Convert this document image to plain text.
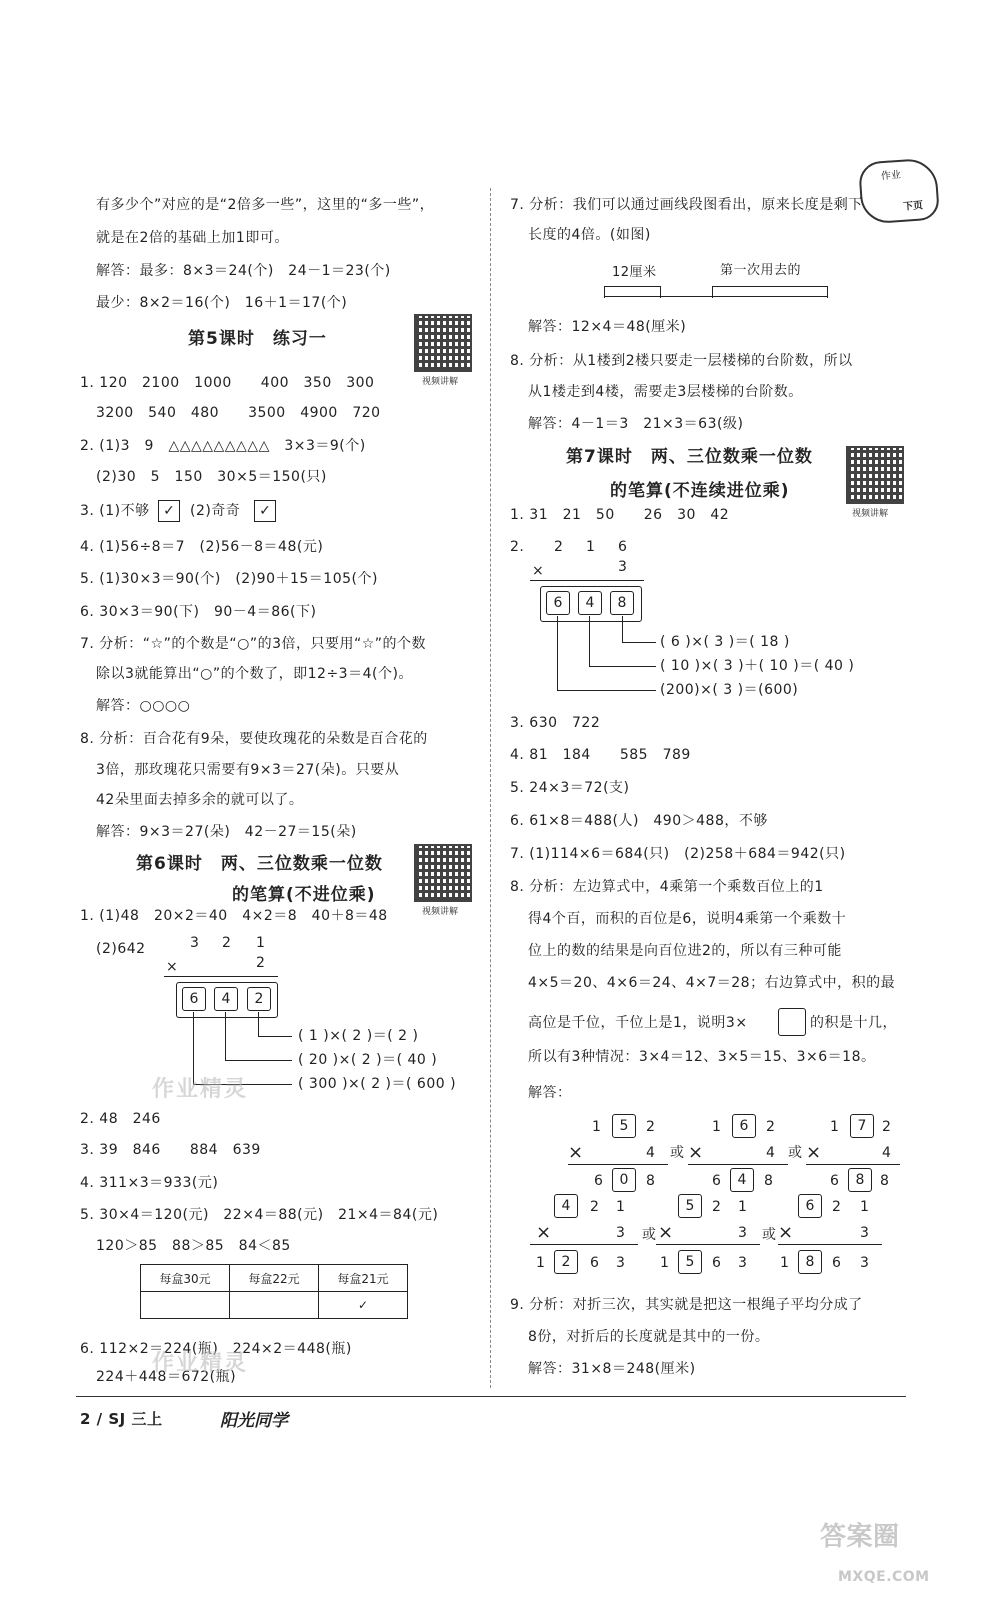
作业
下页
有多少个”对应的是“2倍多一些”，这里的“多一些”，
就是在2倍的基础上加1即可。
解答：最多：8×3＝24(个)　24－1＝23(个)
最少：8×2＝16(个)　16＋1＝17(个)
第5课时　练习一
视频讲解
1. 120　2100　1000　　400　350　300
3200　540　480　　3500　4900　720
2. (1)3　9　△△△△△△△△△　3×3＝9(个)
(2)30　5　150　30×5＝150(只)
3. (1)不够 ✓	(2)奇奇	✓
4. (1)56÷8＝7　(2)56－8＝48(元)
5. (1)30×3＝90(个)　(2)90＋15＝105(个)
6. 30×3＝90(下)　90－4＝86(下)
7. 分析：“☆”的个数是“○”的3倍，只要用“☆”的个数
除以3就能算出“○”的个数了，即12÷3＝4(个)。
解答：○○○○
8. 分析：百合花有9朵，要使玫瑰花的朵数是百合花的
3倍，那玫瑰花只需要有9×3＝27(朵)。只要从
42朵里面去掉多余的就可以了。
解答：9×3＝27(朵)　42－27＝15(朵)
第6课时　两、三位数乘一位数
的笔算(不进位乘)
视频讲解
1. (1)48　20×2＝40　4×2＝8　40＋8＝48
(2)642	3 2 1
×	2
6	4	2
( 1 )×( 2 )＝( 2 )
( 20 )×( 2 )＝( 40 )
( 300 )×( 2 )＝( 600 )
作业精灵
2. 48　246
3. 39　846　　884　639
4. 311×3＝933(元)
5. 30×4＝120(元)　22×4＝88(元)　21×4＝84(元)
120＞85　88＞85　84＜85
每盒30元	每盒22元	每盒21元
		✓
6. 112×2＝224(瓶)　224×2＝448(瓶)
224＋448＝672(瓶)
作业精灵
7. 分析：我们可以通过画线段图看出，原来长度是剩下
长度的4倍。(如图)
12厘米	第一次用去的
解答：12×4＝48(厘米)
8. 分析：从1楼到2楼只要走一层楼梯的台阶数，所以
从1楼走到4楼，需要走3层楼梯的台阶数。
解答：4－1＝3　21×3＝63(级)
第7课时　两、三位数乘一位数
的笔算(不连续进位乘)
视频讲解
1. 31　21　50　　26　30　42
2. 2 1 6
×	3
6	4	8
( 6 )×( 3 )＝( 18 )
( 10 )×( 3 )＋( 10 )＝( 40 )
(200)×( 3 )＝(600)
3. 630　722
4. 81　184　　585　789
5. 24×3＝72(支)
6. 61×8＝488(人)　490＞488，不够
7. (1)114×6＝684(只)　(2)258＋684＝942(只)
8. 分析：左边算式中，4乘第一个乘数百位上的1
得4个百，而积的百位是6，说明4乘第一个乘数十
位上的数的结果是向百位进2的，所以有三种可能
4×5＝20、4×6＝24、4×7＝28；右边算式中，积的最
高位是千位，千位上是1，说明3×	的积是十几，
所以有3种情况：3×4＝12、3×5＝15、3×6＝18。
解答：
1	5	2
×	4
6	0	8
或
1	6	2
×	4
6	4	8
或
1	7	2
×	4
6	8	8
4	2 1
×	3
1	2	6 3
或
5	2 1
×	3
1	5	6 3
或
6	2 1
×	3
1	8	6 3
9. 分析：对折三次，其实就是把这一根绳子平均分成了
8份，对折后的长度就是其中的一份。
解答：31×8＝248(厘米)
2 / SJ 三上	阳光同学
答案圈
MXQE.COM
